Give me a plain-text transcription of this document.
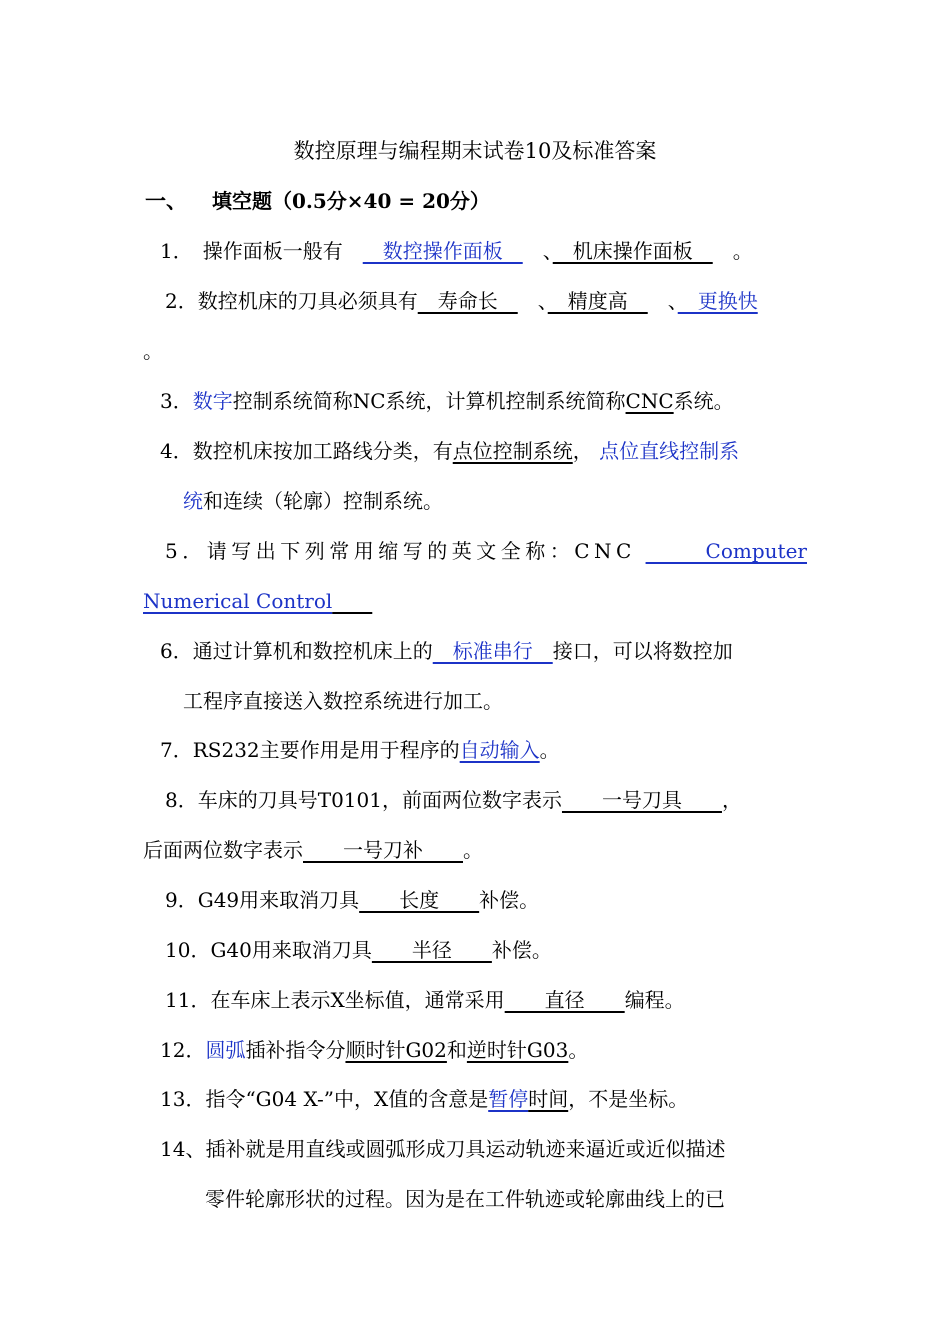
数控原理与编程期末试卷10及标准答案
一、 填空题（0.5分×40 = 20分）
1．　操作面板一般有　　数控操作面板　　、　机床操作面板　　。
2．数控机床的刀具必须具有　寿命长　　、　精度高　　、　更换快
。
3．数字控制系统简称NC系统，计算机控制系统简称CNC系统。
4．数控机床按加工路线分类，有点位控制系统， 点位直线控制系
统和连续（轮廓）控制系统。
5．请写出下列常用缩写的英文全称：CNC 　　　Computer
Numerical Control　　
6．通过计算机和数控机床上的　标准串行　接口，可以将数控加
工程序直接送入数控系统进行加工。
7．RS232主要作用是用于程序的自动输入。
8．车床的刀具号T0101，前面两位数字表示　　一号刀具　　，
后面两位数字表示　　一号刀补　　。
9．G49用来取消刀具　　长度　　补偿。
10．G40用来取消刀具　　半径　　补偿。
11．在车床上表示X坐标值，通常采用　　直径　　编程。
12．圆弧插补指令分顺时针G02和逆时针G03。
13．指令“G04 X-”中，X值的含意是暂停时间，不是坐标。
14、插补就是用直线或圆弧形成刀具运动轨迹来逼近或近似描述
零件轮廓形状的过程。因为是在工件轨迹或轮廓曲线上的已
